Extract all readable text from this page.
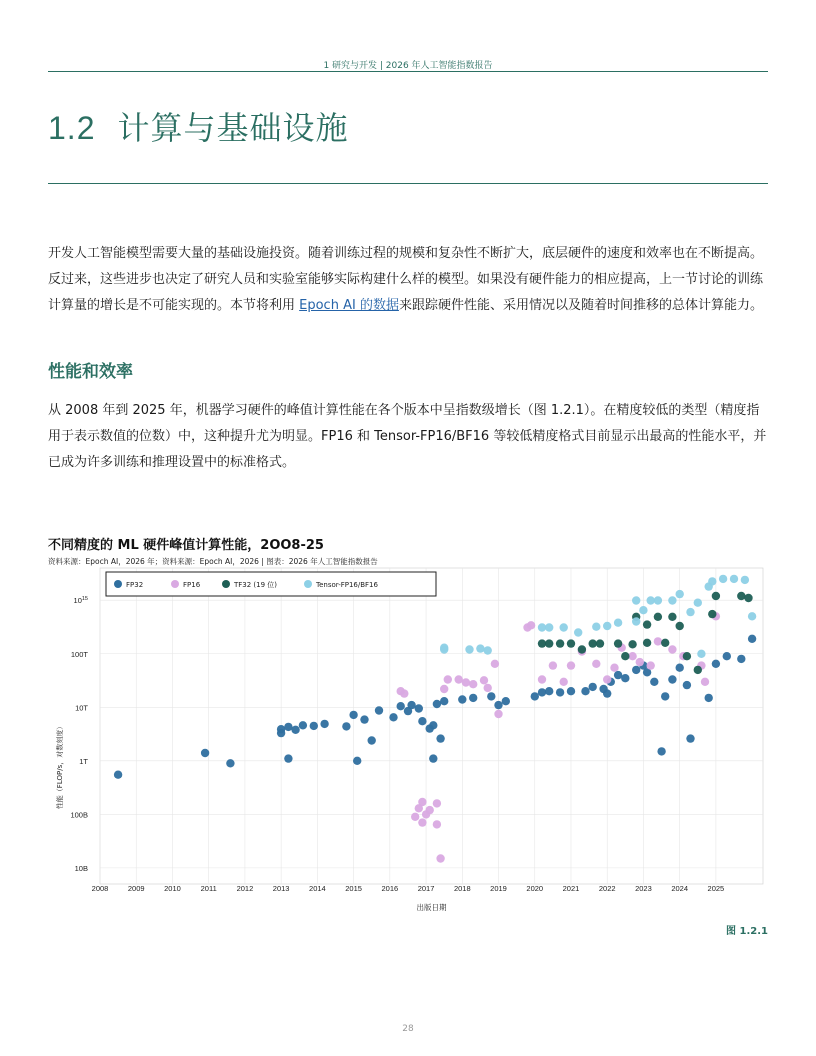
1 研究与开发 | 2026 年人工智能指数报告
1.2 计算与基础设施
开发人工智能模型需要大量的基础设施投资。随着训练过程的规模和复杂性不断扩大，底层硬件的速度和效率也在不断提高。反过来，这些进步也决定了研究人员和实验室能够实际构建什么样的模型。如果没有硬件能力的相应提高，上一节讨论的训练计算量的增长是不可能实现的。本节将利用 Epoch AI 的数据来跟踪硬件性能、采用情况以及随着时间推移的总体计算能力。
性能和效率
从 2008 年到 2025 年，机器学习硬件的峰值计算性能在各个版本中呈指数级增长（图 1.2.1）。在精度较低的类型（精度指用于表示数值的位数）中，这种提升尤为明显。FP16 和 Tensor-FP16/BF16 等较低精度格式目前显示出最高的性能水平，并已成为许多训练和推理设置中的标准格式。
不同精度的 ML 硬件峰值计算性能，2OO8-25
资料来源：Epoch AI，2026 年；资料来源：Epoch AI，2026 | 图表：2026 年人工智能指数报告
2008	2009	2010	2011	2012	2013	2014	2015	2016	2017	2018	2019	2020	2021	2022	2023	2024	2025
10B
100B
1T
10T
100T
$10^{15}$
出版日期
性能（FLOP/s，对数刻度）
FP32	FP16	TF32 (19 位)	Tensor-FP16/BF16
图 1.2.1
28
